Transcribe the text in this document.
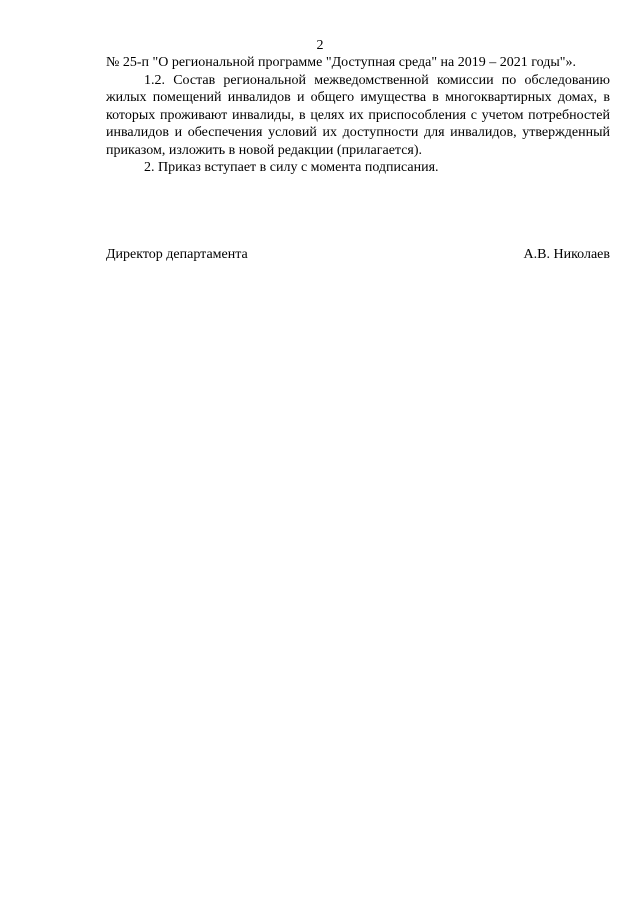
2

№ 25-п "О региональной программе "Доступная среда" на 2019 – 2021 годы"».

1.2. Состав региональной межведомственной комиссии по обследованию жилых помещений инвалидов и общего имущества в многоквартирных домах, в которых проживают инвалиды, в целях их приспособления с учетом потребностей инвалидов и обеспечения условий их доступности для инвалидов, утвержденный приказом, изложить в новой редакции (прилагается).

2. Приказ вступает в силу с момента подписания.

Директор департамента	А.В. Николаев
